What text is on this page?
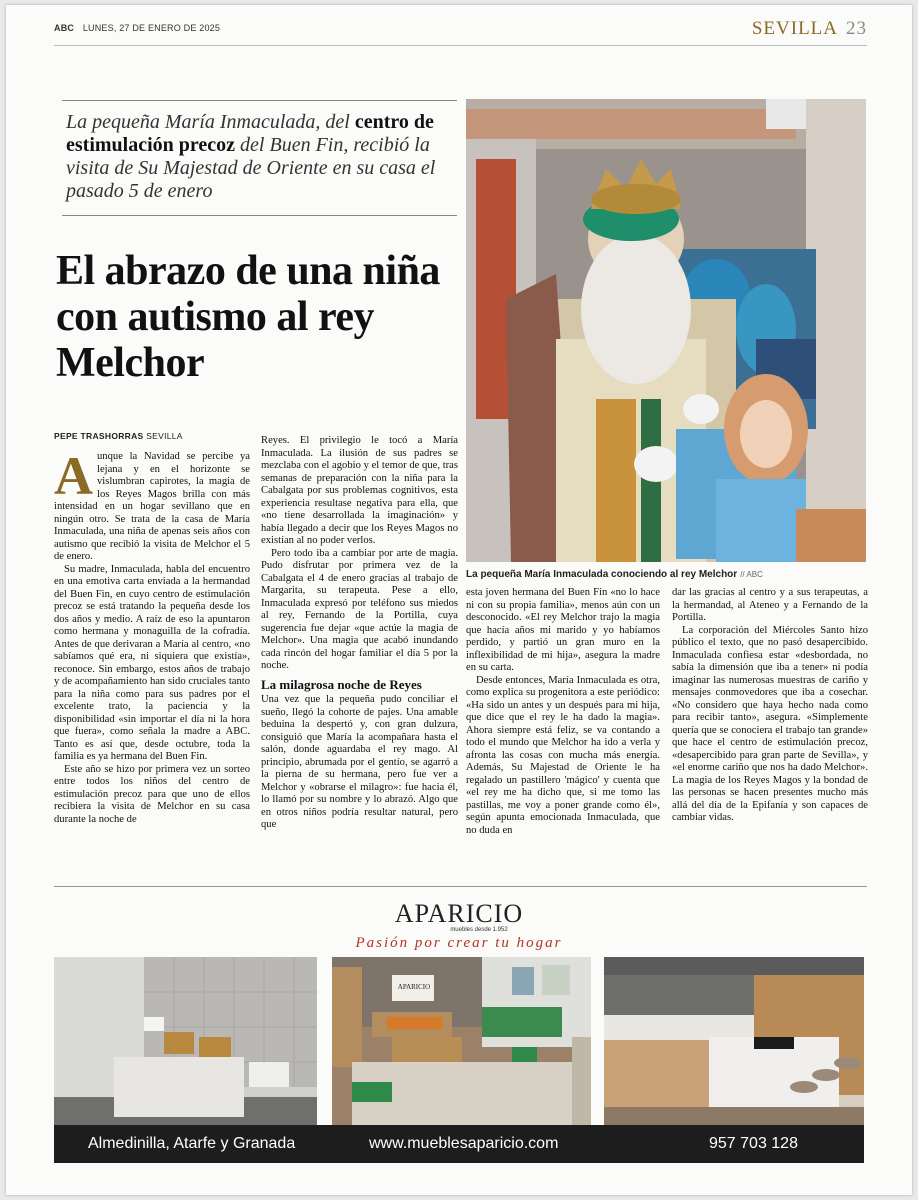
ABC LUNES, 27 DE ENERO DE 2025	SEVILLA 23
La pequeña María Inmaculada, del centro de estimulación precoz del Buen Fin, recibió la visita de Su Majestad de Oriente en su casa el pasado 5 de enero
El abrazo de una niña con autismo al rey Melchor
La pequeña María Inmaculada conociendo al rey Melchor // ABC
PEPE TRASHORRAS SEVILLA

Aunque la Navidad se percibe ya lejana y en el horizonte se vislumbran capirotes, la magia de los Reyes Magos brilla con más intensidad en un hogar sevillano que en ningún otro. Se trata de la casa de María Inmaculada, una niña de apenas seis años con autismo que recibió la visita de Melchor el 5 de enero.

Su madre, Inmaculada, habla del encuentro en una emotiva carta enviada a la hermandad del Buen Fin, en cuyo centro de estimulación precoz se está tratando la pequeña desde los dos años y medio. A raíz de eso la apuntaron como hermana y monaguilla de la cofradía. Antes de que derivaran a María al centro, «no sabíamos qué era, ni siquiera que existía», reconoce. Sin embargo, estos años de trabajo y de acompañamiento han sido cruciales tanto para la niña como para sus padres por el excelente trato, la paciencia y la disponibilidad «sin importar el día ni la hora que fuera», como señala la madre a ABC. Tanto es así que, desde octubre, toda la familia es ya hermana del Buen Fin.

Este año se hizo por primera vez un sorteo entre todos los niños del centro de estimulación precoz para que uno de ellos recibiera la visita de Melchor en su casa durante la noche de

Reyes. El privilegio le tocó a María Inmaculada. La ilusión de sus padres se mezclaba con el agobio y el temor de que, tras semanas de preparación con la niña para la Cabalgata por sus problemas cognitivos, esta experiencia resultase negativa para ella, que «no tiene desarrollada la imaginación» y había llegado a decir que los Reyes Magos no existían al no poder verlos.

Pero todo iba a cambiar por arte de magia. Pudo disfrutar por primera vez de la Cabalgata el 4 de enero gracias al trabajo de Margarita, su terapeuta. Pese a ello, Inmaculada expresó por teléfono sus miedos al rey, Fernando de la Portilla, cuya sugerencia fue dejar «que actúe la magia de Melchor». Una magia que acabó inundando cada rincón del hogar familiar el día 5 por la noche.

La milagrosa noche de Reyes

Una vez que la pequeña pudo conciliar el sueño, llegó la cohorte de pajes. Una amable beduina la despertó y, con gran dulzura, consiguió que María la acompañara hasta el salón, donde aguardaba el rey mago. Al principio, abrumada por el gentío, se agarró a la pierna de su hermana, pero fue ver a Melchor y «obrarse el milagro»: fue hacia él, lo llamó por su nombre y lo abrazó. Algo que en otros niños podría resultar natural, pero que

esta joven hermana del Buen Fin «no lo hace ni con su propia familia», menos aún con un desconocido. «El rey Melchor trajo la magia que hacía años mi marido y yo habíamos perdido, y partió un gran muro en la inflexibilidad de mi hija», asegura la madre en su carta.

Desde entonces, María Inmaculada es otra, como explica su progenitora a este periódico: «Ha sido un antes y un después para mi hija, que dice que el rey le ha dado la magia». Ahora siempre está feliz, se va contando a todo el mundo que Melchor ha ido a verla y afronta las cosas con mucha más energía. Además, Su Majestad de Oriente le ha regalado un pastillero 'mágico' y cuenta que «el rey me ha dicho que, si me tomo las pastillas, me voy a poner grande como él», según apunta emocionada Inmaculada, que no duda en

dar las gracias al centro y a sus terapeutas, a la hermandad, al Ateneo y a Fernando de la Portilla.

La corporación del Miércoles Santo hizo público el texto, que no pasó desapercibido. Inmaculada confiesa estar «desbordada, no sabía la dimensión que iba a tener» ni podía imaginar las numerosas muestras de cariño y mensajes conmovedores que iba a cosechar. «No considero que haya hecho nada como para recibir tanto», asegura. «Simplemente quería que se conociera el trabajo tan grande» que hace el centro de estimulación precoz, «desapercibido para gran parte de Sevilla», y «el enorme cariño que nos ha dado Melchor». La magia de los Reyes Magos y la bondad de las personas se hacen presentes mucho más allá del día de la Epifanía y son capaces de cambiar vidas.

APARICIO
muebles desde 1.952
Pasión por crear tu hogar
APARICIO
Almedinilla, Atarfe y Granada	www.mueblesaparicio.com	957 703 128
